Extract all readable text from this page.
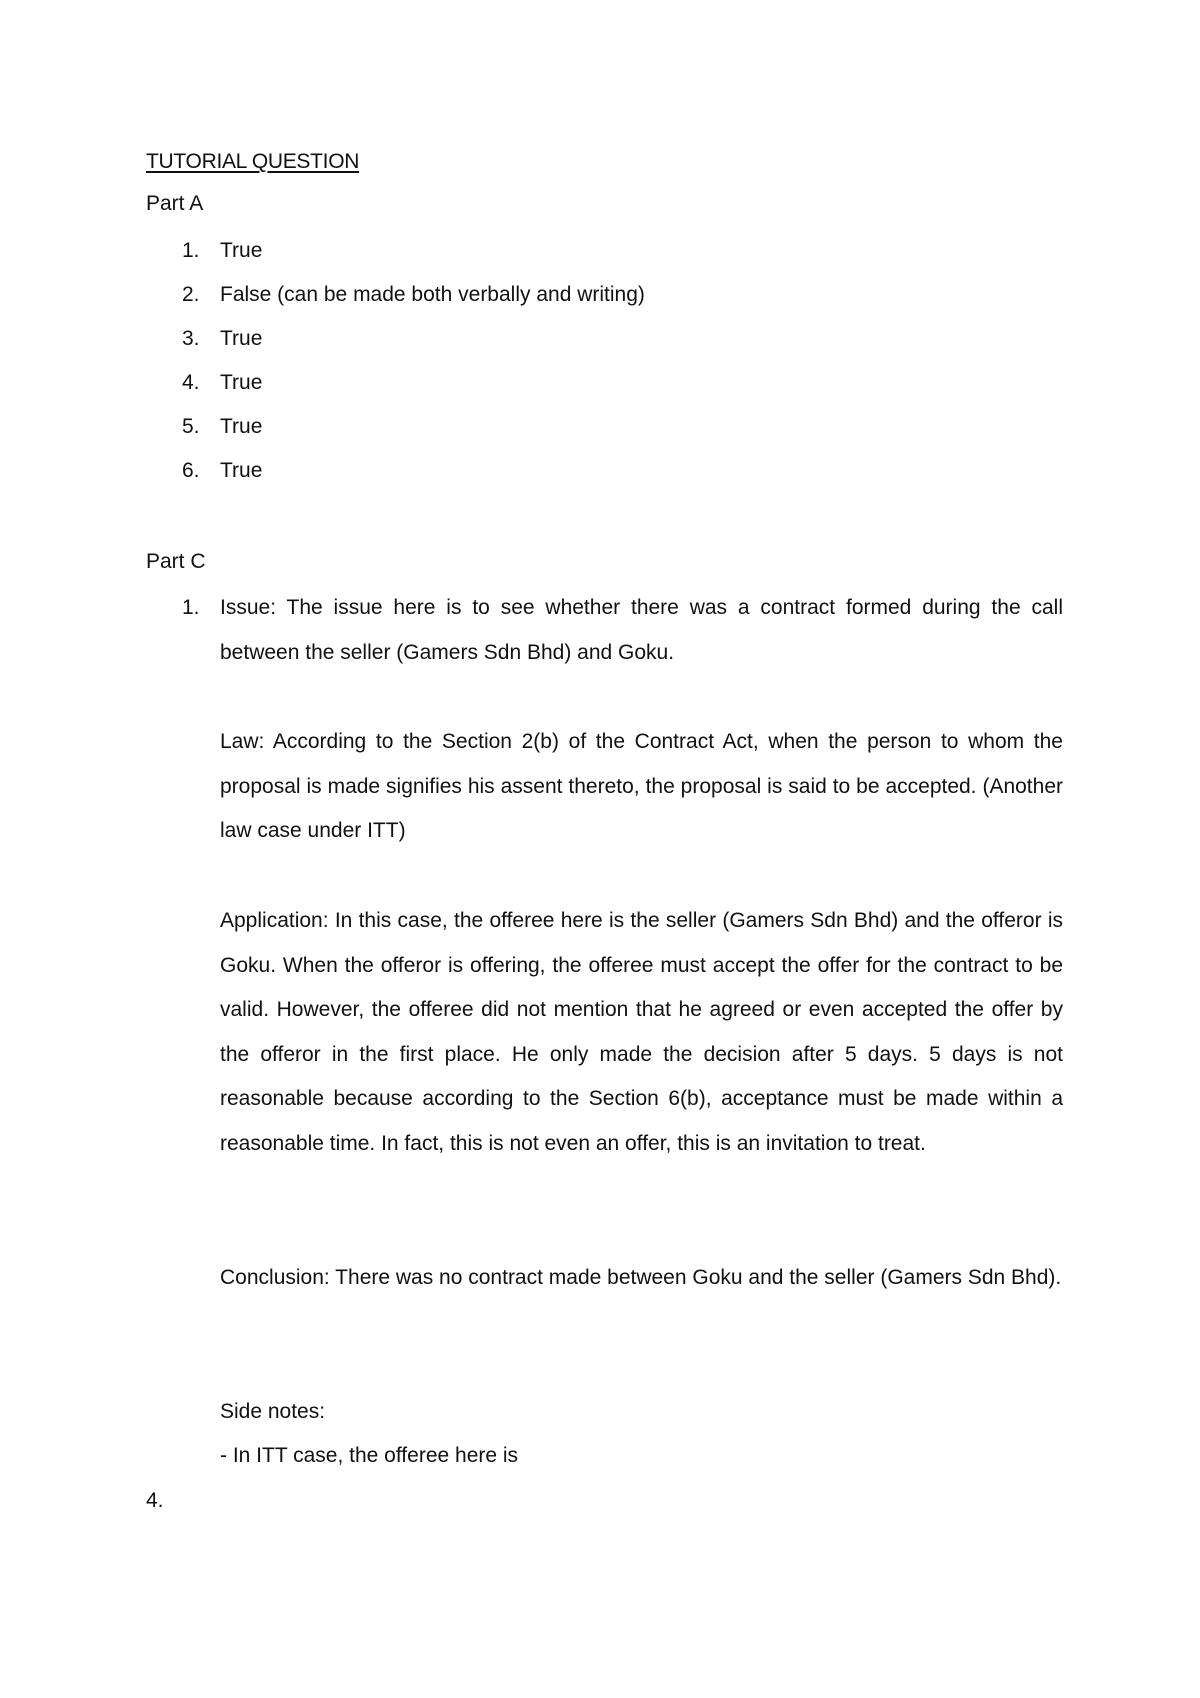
TUTORIAL QUESTION
Part A
1. True
2. False (can be made both verbally and writing)
3. True
4. True
5. True
6. True
Part C
1. Issue: The issue here is to see whether there was a contract formed during the call between the seller (Gamers Sdn Bhd) and Goku.
Law: According to the Section 2(b) of the Contract Act, when the person to whom the proposal is made signifies his assent thereto, the proposal is said to be accepted. (Another law case under ITT)
Application: In this case, the offeree here is the seller (Gamers Sdn Bhd) and the offeror is Goku. When the offeror is offering, the offeree must accept the offer for the contract to be valid. However, the offeree did not mention that he agreed or even accepted the offer by the offeror in the first place. He only made the decision after 5 days. 5 days is not reasonable because according to the Section 6(b), acceptance must be made within a reasonable time. In fact, this is not even an offer, this is an invitation to treat.
Conclusion: There was no contract made between Goku and the seller (Gamers Sdn Bhd).
Side notes:
- In ITT case, the offeree here is
4.
